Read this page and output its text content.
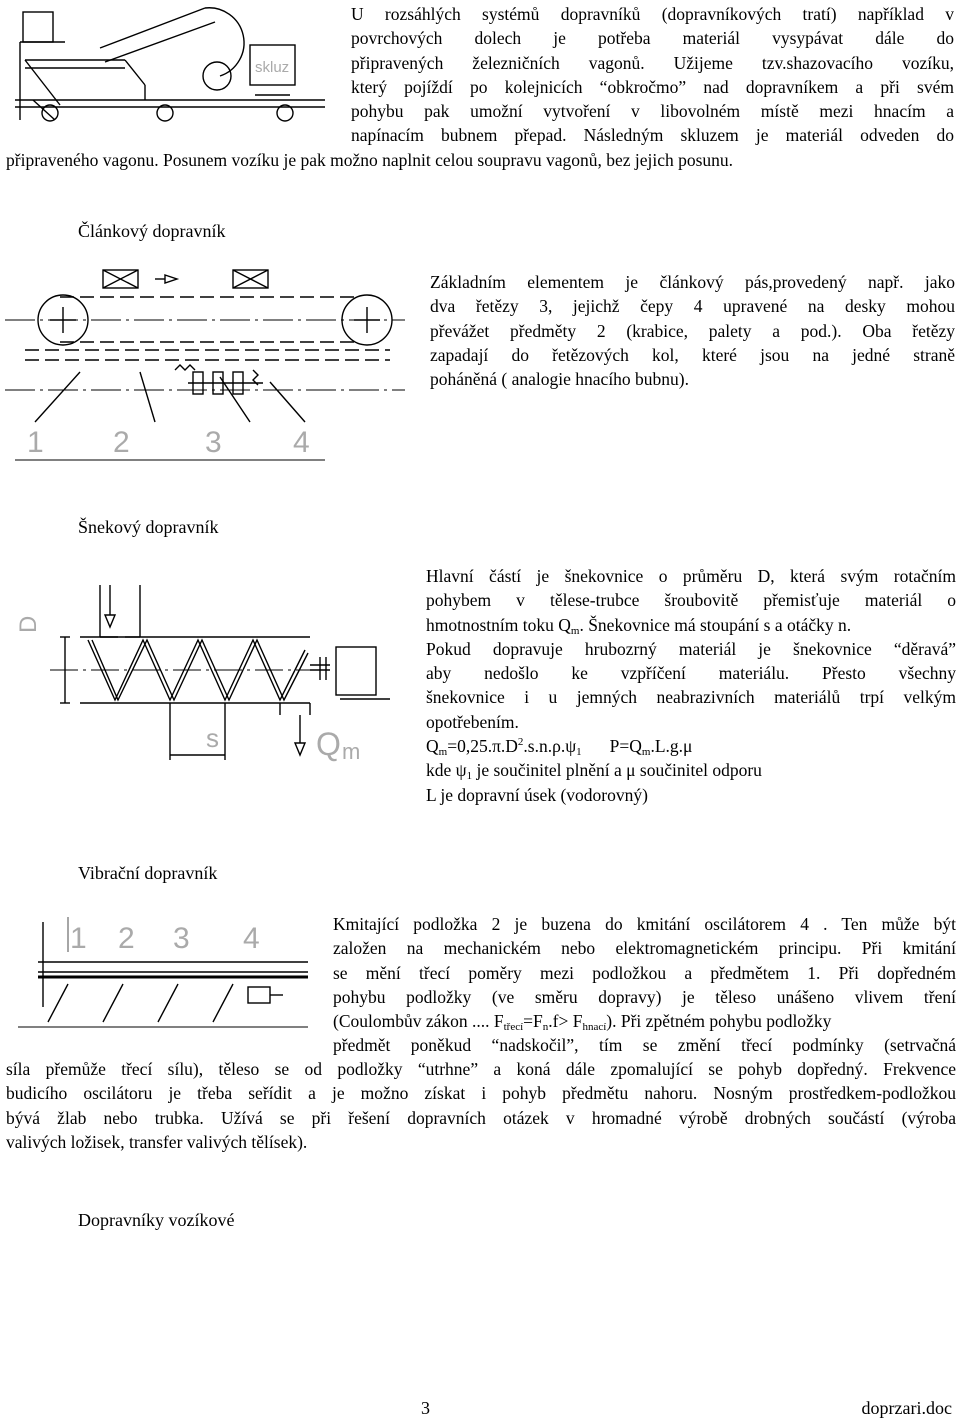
skluz
U rozsáhlých systémů dopravníků (dopravníkových tratí) například v
povrchových dolech je potřeba materiál vysypávat dále do
připravených železničních vagonů. Užijeme tzv.shazovacího vozíku,
který pojíždí po kolejnicích “obkročmo” nad dopravníkem a při svém
pohybu pak umožní vytvoření v libovolném místě mezi hnacím a
napínacím bubnem přepad. Následným skluzem je materiál odveden do
připraveného vagonu. Posunem vozíku je pak možno naplnit celou soupravu vagonů, bez jejich posunu.
Článkový dopravník
1 2	3 4
Základním elementem je článkový pás,provedený např. jako
dva řetězy 3, jejichž čepy 4 upravené na desky mohou
převážet předměty 2 (krabice, palety a pod.). Oba řetězy
zapadají do řetězových kol, které jsou na jedné straně
poháněná ( analogie hnacího bubnu).
Šnekový dopravník
D
s	Q m
Hlavní částí je šnekovnice o průměru D, která svým rotačním
pohybem v tělese-trubce šroubovitě přemisťuje materiál o
hmotnostním toku $Q_m$. Šnekovnice má stoupání s a otáčky n.
Pokud dopravuje hrubozrný materiál je šnekovnice “děravá”
aby nedošlo ke vzpříčení materiálu. Přesto všechny
šnekovnice i u jemných neabrazivních materiálů trpí velkým
opotřebením.
$Q_m=0,25.\pi.D^2.s.n.\rho.\psi_1$ $P=Q_m.L.g.\mu$
kde $\psi_1$ je součinitel plnění a μ součinitel odporu
L je dopravní úsek (vodorovný)
Vibrační dopravník
1 2 3 4	Kmitající podložka 2 je buzena do kmitání oscilátorem 4 . Ten může být
založen na mechanickém nebo elektromagnetickém principu. Při kmitání
se mění třecí poměry mezi podložkou a předmětem 1. Při dopředném
pohybu podložky (ve směru dopravy) je těleso unášeno vlivem tření
(Coulombův zákon .... $F_{třecí}=F_n.f> F_{hnací}$). Při zpětném pohybu podložky
předmět poněkud “nadskočil”, tím se změní třecí podmínky (setrvačná
síla přemůže třecí sílu), těleso se od podložky “utrhne” a koná dále zpomalující se pohyb dopředný. Frekvence
budicího oscilátoru je třeba seřídit a je možno získat i pohyb předmětu nahoru. Nosným prostředkem-podložkou
bývá žlab nebo trubka. Užívá se při řešení dopravních otázek v hromadné výrobě drobných součástí (výroba
valivých ložisek, transfer valivých tělísek).
Dopravníky vozíkové
3	doprzari.doc
